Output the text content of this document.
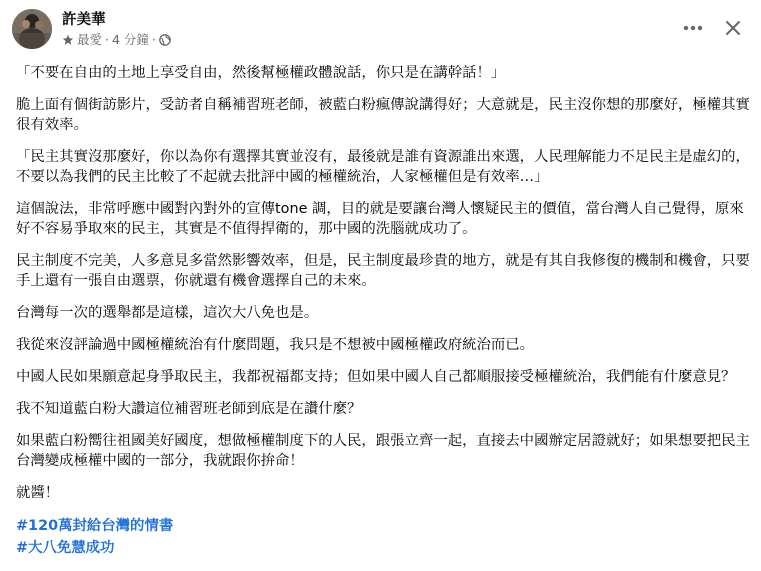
許美華
最愛 · 4 分鐘 ·

「不要在自由的土地上享受自由，然後幫極權政體說話，你只是在講幹話！」

脆上面有個街訪影片，受訪者自稱補習班老師，被藍白粉瘋傳說講得好；大意就是，民主沒你想的那麼好，極權其實很有效率。

「民主其實沒那麼好，你以為你有選擇其實並沒有，最後就是誰有資源誰出來選，人民理解能力不足民主是虛幻的，不要以為我們的民主比較了不起就去批評中國的極權統治，人家極權但是有效率…」

這個說法，非常呼應中國對內對外的宣傳tone 調，目的就是要讓台灣人懷疑民主的價值，當台灣人自己覺得，原來好不容易爭取來的民主，其實是不值得捍衛的，那中國的洗腦就成功了。

民主制度不完美，人多意見多當然影響效率，但是，民主制度最珍貴的地方，就是有其自我修復的機制和機會，只要手上還有一張自由選票，你就還有機會選擇自己的未來。

台灣每一次的選舉都是這樣，這次大八免也是。

我從來沒評論過中國極權統治有什麼問題，我只是不想被中國極權政府統治而已。

中國人民如果願意起身爭取民主，我都祝福都支持；但如果中國人自己都順服接受極權統治，我們能有什麼意見？

我不知道藍白粉大讚這位補習班老師到底是在讚什麼？

如果藍白粉嚮往祖國美好國度，想做極權制度下的人民，跟張立齊一起，直接去中國辦定居證就好；如果想要把民主台灣變成極權中國的一部分，我就跟你拚命！

就醬！

#120萬封給台灣的情書
#大八免慧成功
